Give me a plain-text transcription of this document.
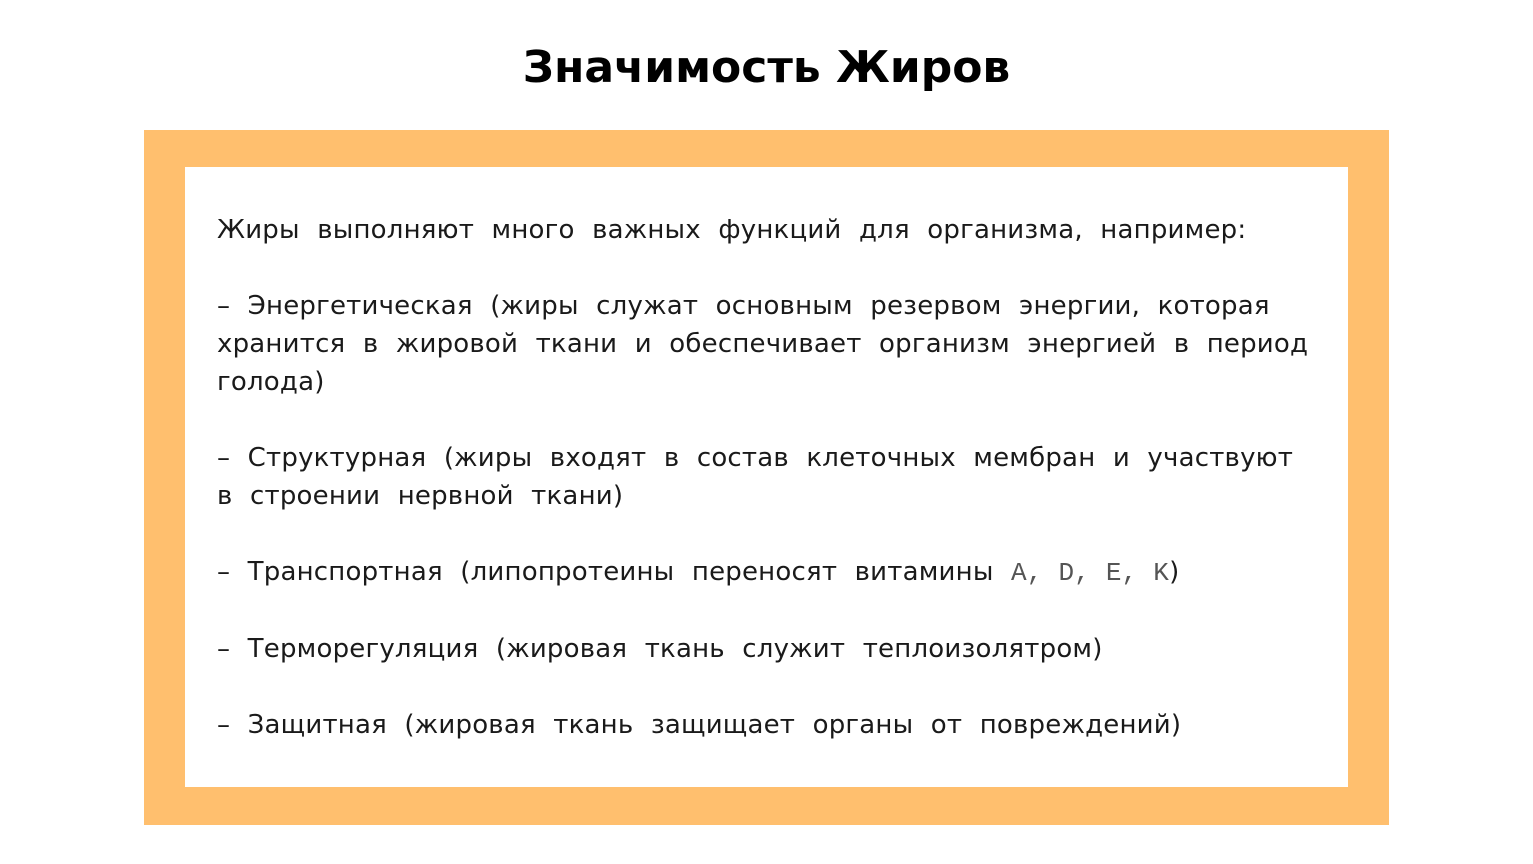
Значимость Жиров

Жиры выполняют много важных функций для организма, например:

– Энергетическая (жиры служат основным резервом энергии, которая хранится в жировой ткани и обеспечивает организм энергией в период голода)

– Структурная (жиры входят в состав клеточных мембран и участвуют в строении нервной ткани)

– Транспортная (липопротеины переносят витамины A, D, E, K)

– Терморегуляция (жировая ткань служит теплоизолятром)

– Защитная (жировая ткань защищает органы от повреждений)
